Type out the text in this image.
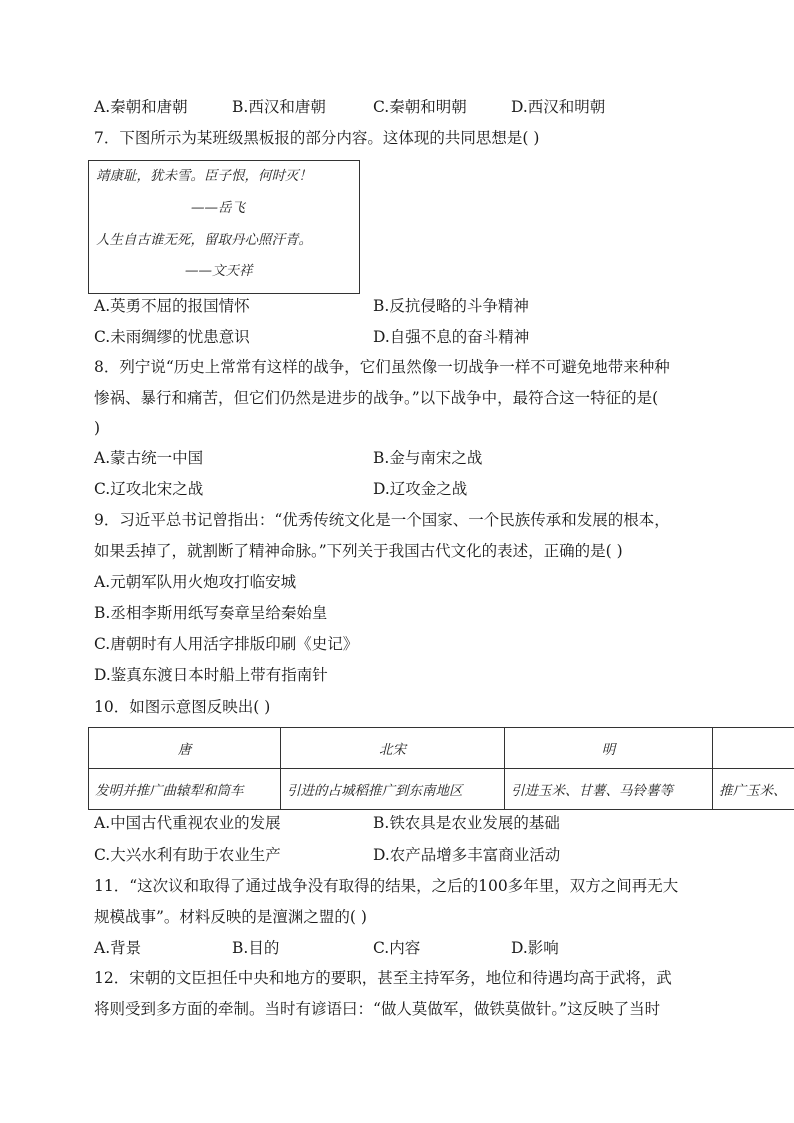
A.秦朝和唐朝	B.西汉和唐朝	C.秦朝和明朝	D.西汉和明朝
7．下图所示为某班级黑板报的部分内容。这体现的共同思想是( )
靖康耻，犹未雪。臣子恨，何时灭！
——岳飞
人生自古谁无死，留取丹心照汗青。
——文天祥
A.英勇不屈的报国情怀	B.反抗侵略的斗争精神
C.未雨绸缪的忧患意识	D.自强不息的奋斗精神
8．列宁说“历史上常常有这样的战争，它们虽然像一切战争一样不可避免地带来种种
惨祸、暴行和痛苦，但它们仍然是进步的战争。”以下战争中，最符合这一特征的是(
)
A.蒙古统一中国	B.金与南宋之战
C.辽攻北宋之战	D.辽攻金之战
9．习近平总书记曾指出：“优秀传统文化是一个国家、一个民族传承和发展的根本，
如果丢掉了，就割断了精神命脉。”下列关于我国古代文化的表述，正确的是( )
A.元朝军队用火炮攻打临安城
B.丞相李斯用纸写奏章呈给秦始皇
C.唐朝时有人用活字排版印刷《史记》
D.鉴真东渡日本时船上带有指南针
10．如图示意图反映出( )
唐	北宋	明	
发明并推广曲辕犁和筒车	引进的占城稻推广到东南地区	引进玉米、甘薯、马铃薯等	推广玉米、
A.中国古代重视农业的发展	B.铁农具是农业发展的基础
C.大兴水利有助于农业生产	D.农产品增多丰富商业活动
11．“这次议和取得了通过战争没有取得的结果，之后的100多年里，双方之间再无大
规模战事”。材料反映的是澶渊之盟的( )
A.背景	B.目的	C.内容	D.影响
12．宋朝的文臣担任中央和地方的要职，甚至主持军务，地位和待遇均高于武将，武
将则受到多方面的牵制。当时有谚语曰：“做人莫做军，做铁莫做针。”这反映了当时
